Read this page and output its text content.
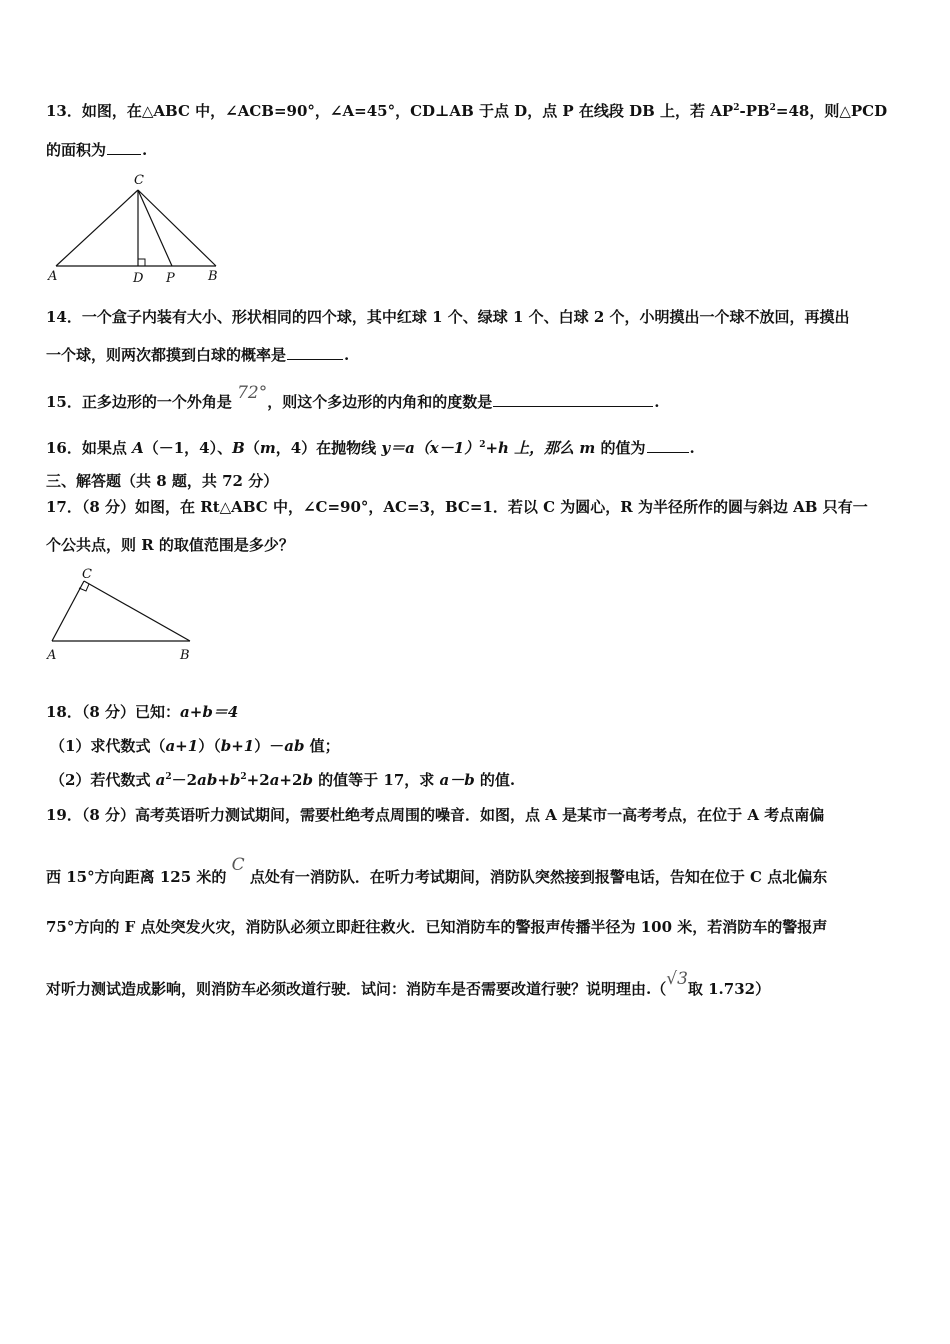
13．如图，在△ABC 中，∠ACB=90°，∠A=45°，CD⊥AB 于点 D，点 P 在线段 DB 上，若 $AP^2-PB^2=48$，则△PCD
的面积为 .
C
A	D P	B
14．一个盒子内装有大小、形状相同的四个球，其中红球 1 个、绿球 1 个、白球 2 个，小明摸出一个球不放回，再摸出
一个球，则两次都摸到白球的概率是	.
15．正多边形的一个外角是 72°，则这个多边形的内角和的度数是	.
16．如果点 A（－1，4）、B（m，4）在抛物线 $y=a(x-1)^2+h$ 上，那么 m 的值为	.
三、解答题（共 8 题，共 72 分）
17．（8 分）如图，在 Rt△ABC 中，∠C=90°，AC=3，BC=1．若以 C 为圆心，R 为半径所作的圆与斜边 AB 只有一
个公共点，则 R 的取值范围是多少？
C
A	B
18．（8 分）已知：a+b＝4
（1）求代数式（a+1）（b+1）－ab 值；
（2）若代数式 $a^2-2ab+b^2+2a+2b$ 的值等于 17，求 a－b 的值.
19．（8 分）高考英语听力测试期间，需要杜绝考点周围的噪音．如图，点 A 是某市一高考考点，在位于 A 考点南偏
西 15°方向距离 125 米的 C 点处有一消防队．在听力考试期间，消防队突然接到报警电话，告知在位于 C 点北偏东
75°方向的 F 点处突发火灾，消防队必须立即赶往救火．已知消防车的警报声传播半径为 100 米，若消防车的警报声
对听力测试造成影响，则消防车必须改道行驶．试问：消防车是否需要改道行驶？说明理由.（√3取 1.732）
